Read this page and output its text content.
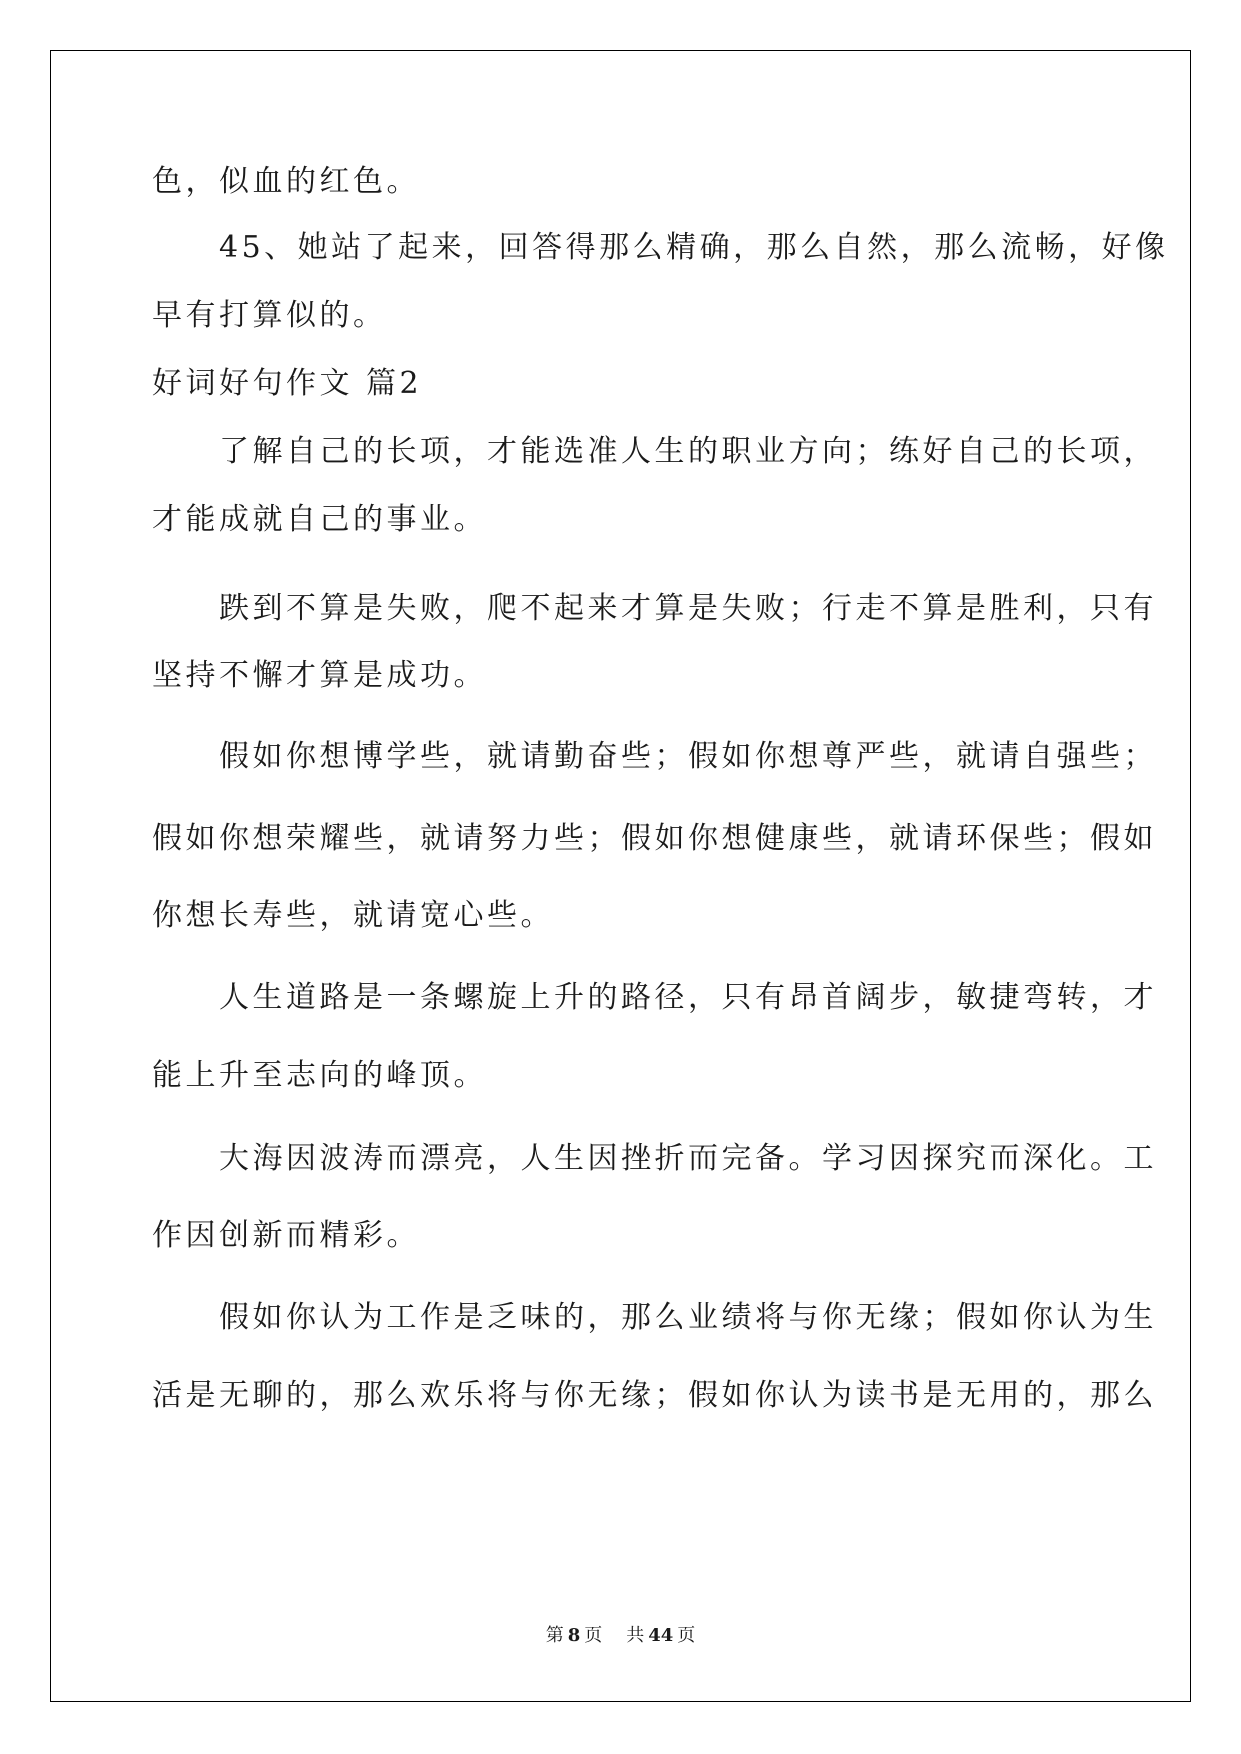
色，似血的红色。
　　45、她站了起来，回答得那么精确，那么自然，那么流畅，好像
早有打算似的。
好词好句作文 篇2
　　了解自己的长项，才能选准人生的职业方向；练好自己的长项，
才能成就自己的事业。
　　跌到不算是失败，爬不起来才算是失败；行走不算是胜利，只有
坚持不懈才算是成功。
　　假如你想博学些，就请勤奋些；假如你想尊严些，就请自强些；
假如你想荣耀些，就请努力些；假如你想健康些，就请环保些；假如
你想长寿些，就请宽心些。
　　人生道路是一条螺旋上升的路径，只有昂首阔步，敏捷弯转，才
能上升至志向的峰顶。
　　大海因波涛而漂亮，人生因挫折而完备。学习因探究而深化。工
作因创新而精彩。
　　假如你认为工作是乏味的，那么业绩将与你无缘；假如你认为生
活是无聊的，那么欢乐将与你无缘；假如你认为读书是无用的，那么
第 8 页 共 44 页
